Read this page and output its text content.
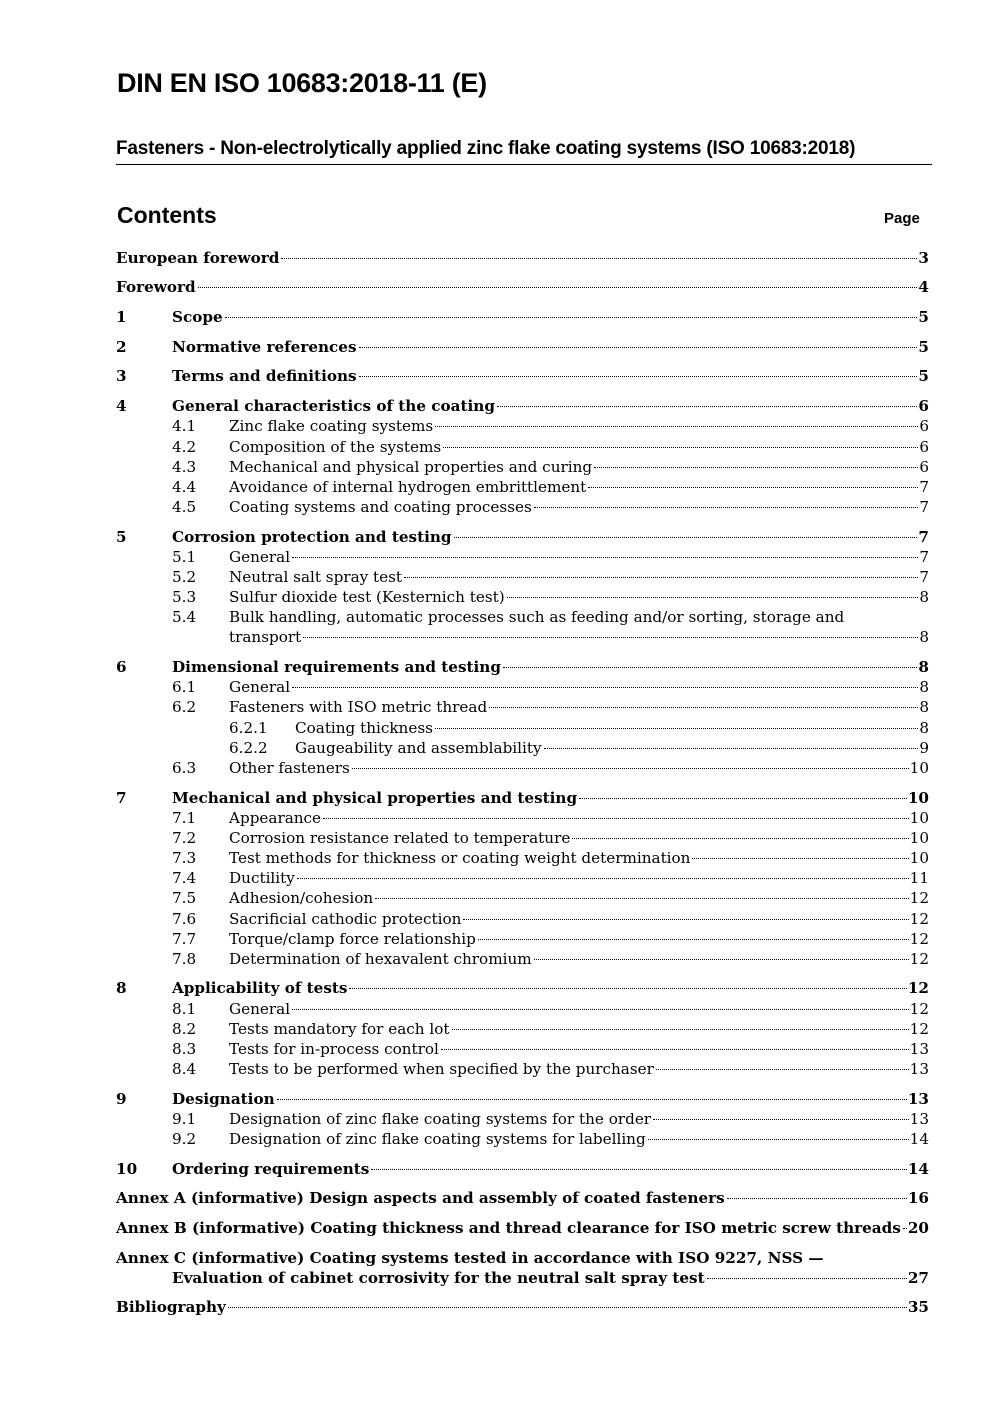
DIN EN ISO 10683:2018-11 (E)
Fasteners - Non-electrolytically applied zinc flake coating systems (ISO 10683:2018)
Contents	Page
European foreword	3
Foreword	4
1	Scope	5
2	Normative references	5
3	Terms and definitions	5
4	General characteristics of the coating	6
4.1 Zinc flake coating systems	6
4.2 Composition of the systems	6
4.3 Mechanical and physical properties and curing	6
4.4 Avoidance of internal hydrogen embrittlement	7
4.5 Coating systems and coating processes	7
5	Corrosion protection and testing	7
5.1 General	7
5.2 Neutral salt spray test	7
5.3 Sulfur dioxide test (Kesternich test)	8
5.4 Bulk handling, automatic processes such as feeding and/or sorting, storage and
transport	8
6	Dimensional requirements and testing	8
6.1 General	8
6.2 Fasteners with ISO metric thread	8
6.2.1 Coating thickness	8
6.2.2 Gaugeability and assemblability	9
6.3 Other fasteners	10
7	Mechanical and physical properties and testing	10
7.1 Appearance	10
7.2 Corrosion resistance related to temperature	10
7.3 Test methods for thickness or coating weight determination	10
7.4 Ductility	11
7.5 Adhesion/cohesion	12
7.6 Sacrificial cathodic protection	12
7.7 Torque/clamp force relationship	12
7.8 Determination of hexavalent chromium	12
8	Applicability of tests	12
8.1 General	12
8.2 Tests mandatory for each lot	12
8.3 Tests for in-process control	13
8.4 Tests to be performed when specified by the purchaser	13
9	Designation	13
9.1 Designation of zinc flake coating systems for the order	13
9.2 Designation of zinc flake coating systems for labelling	14
10 Ordering requirements	14
Annex A (informative) Design aspects and assembly of coated fasteners	16
Annex B (informative) Coating thickness and thread clearance for ISO metric screw threads 20
Annex C (informative) Coating systems tested in accordance with ISO 9227, NSS —
Evaluation of cabinet corrosivity for the neutral salt spray test	27
Bibliography	35
